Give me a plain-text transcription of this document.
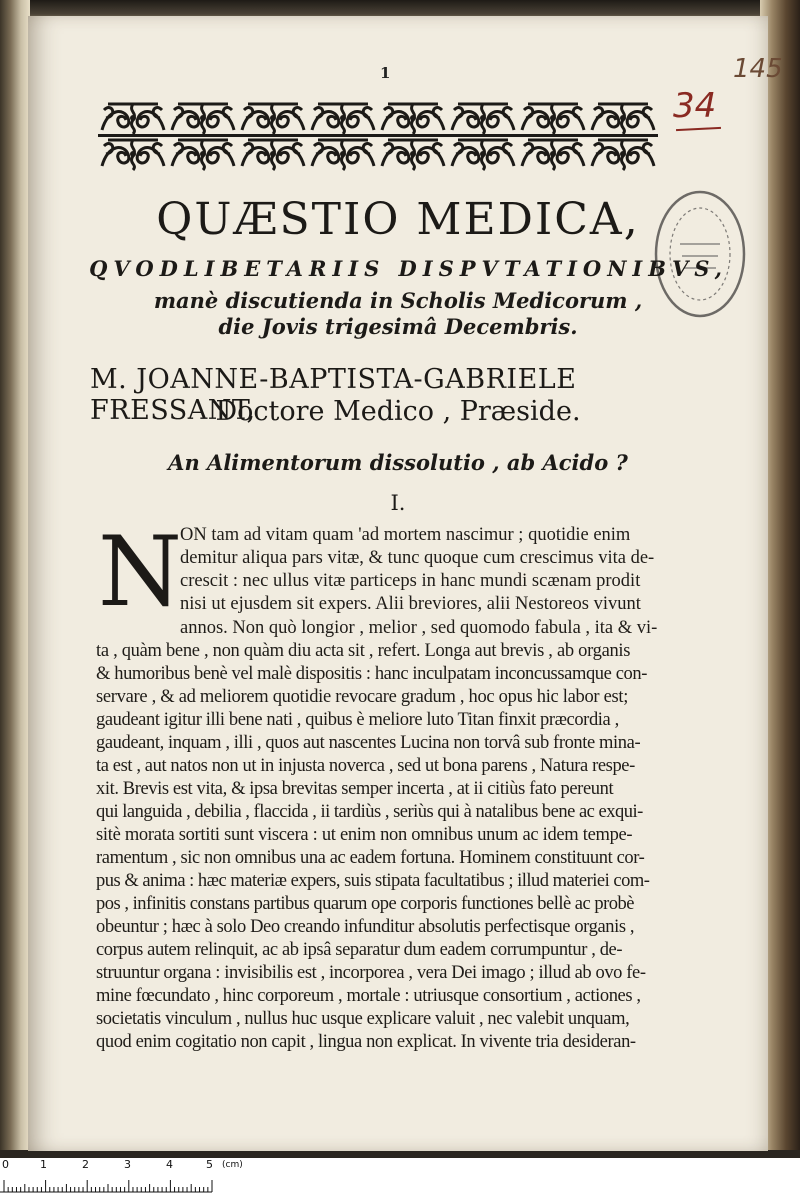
1	145
34
QUÆSTIO MEDICA,
QVODLIBETARIIS DISPVTATIONIBVS,
manè discutienda in Scholis Medicorum ,
die Jovis trigesimâ Decembris.
M. JOANNE-BAPTISTA-GABRIELE FRESSANT,
Doctore Medico , Præside.
An Alimentorum dissolutio , ab Acido ?
I.
N
ON tam ad vitam quam 'ad mortem nascimur ; quotidie enim
demitur aliqua pars vitæ, & tunc quoque cum crescimus vita de-
crescit : nec ullus vitæ particeps in hanc mundi scænam prodit
nisi ut ejusdem sit expers. Alii breviores, alii Nestoreos vivunt
annos. Non quò longior , melior , sed quomodo fabula , ita & vi-
ta , quàm bene , non quàm diu acta sit , refert. Longa aut brevis , ab organis
& humoribus benè vel malè dispositis : hanc inculpatam inconcussamque con-
servare , & ad meliorem quotidie revocare gradum , hoc opus hic labor est;
gaudeant igitur illi bene nati , quibus è meliore luto Titan finxit præcordia ,
gaudeant, inquam , illi , quos aut nascentes Lucina non torvâ sub fronte mina-
ta est , aut natos non ut in injusta noverca , sed ut bona parens , Natura respe-
xit. Brevis est vita, & ipsa brevitas semper incerta , at ii citiùs fato pereunt
qui languida , debilia , flaccida , ii tardiùs , seriùs qui à natalibus bene ac exqui-
sitè morata sortiti sunt viscera : ut enim non omnibus unum ac idem tempe-
ramentum , sic non omnibus una ac eadem fortuna. Hominem constituunt cor-
pus & anima : hæc materiæ expers, suis stipata facultatibus ; illud materiei com-
pos , infinitis constans partibus quarum ope corporis functiones bellè ac probè
obeuntur ; hæc à solo Deo creando infunditur absolutis perfectisque organis ,
corpus autem relinquit, ac ab ipsâ separatur dum eadem corrumpuntur , de-
struuntur organa : invisibilis est , incorporea , vera Dei imago ; illud ab ovo fe-
mine fœcundato , hinc corporeum , mortale : utriusque consortium , actiones ,
societatis vinculum , nullus huc usque explicare valuit , nec valebit unquam,
quod enim cogitatio non capit , lingua non explicat. In vivente tria desideran-
0	1	2	3	4	5 (cm)
